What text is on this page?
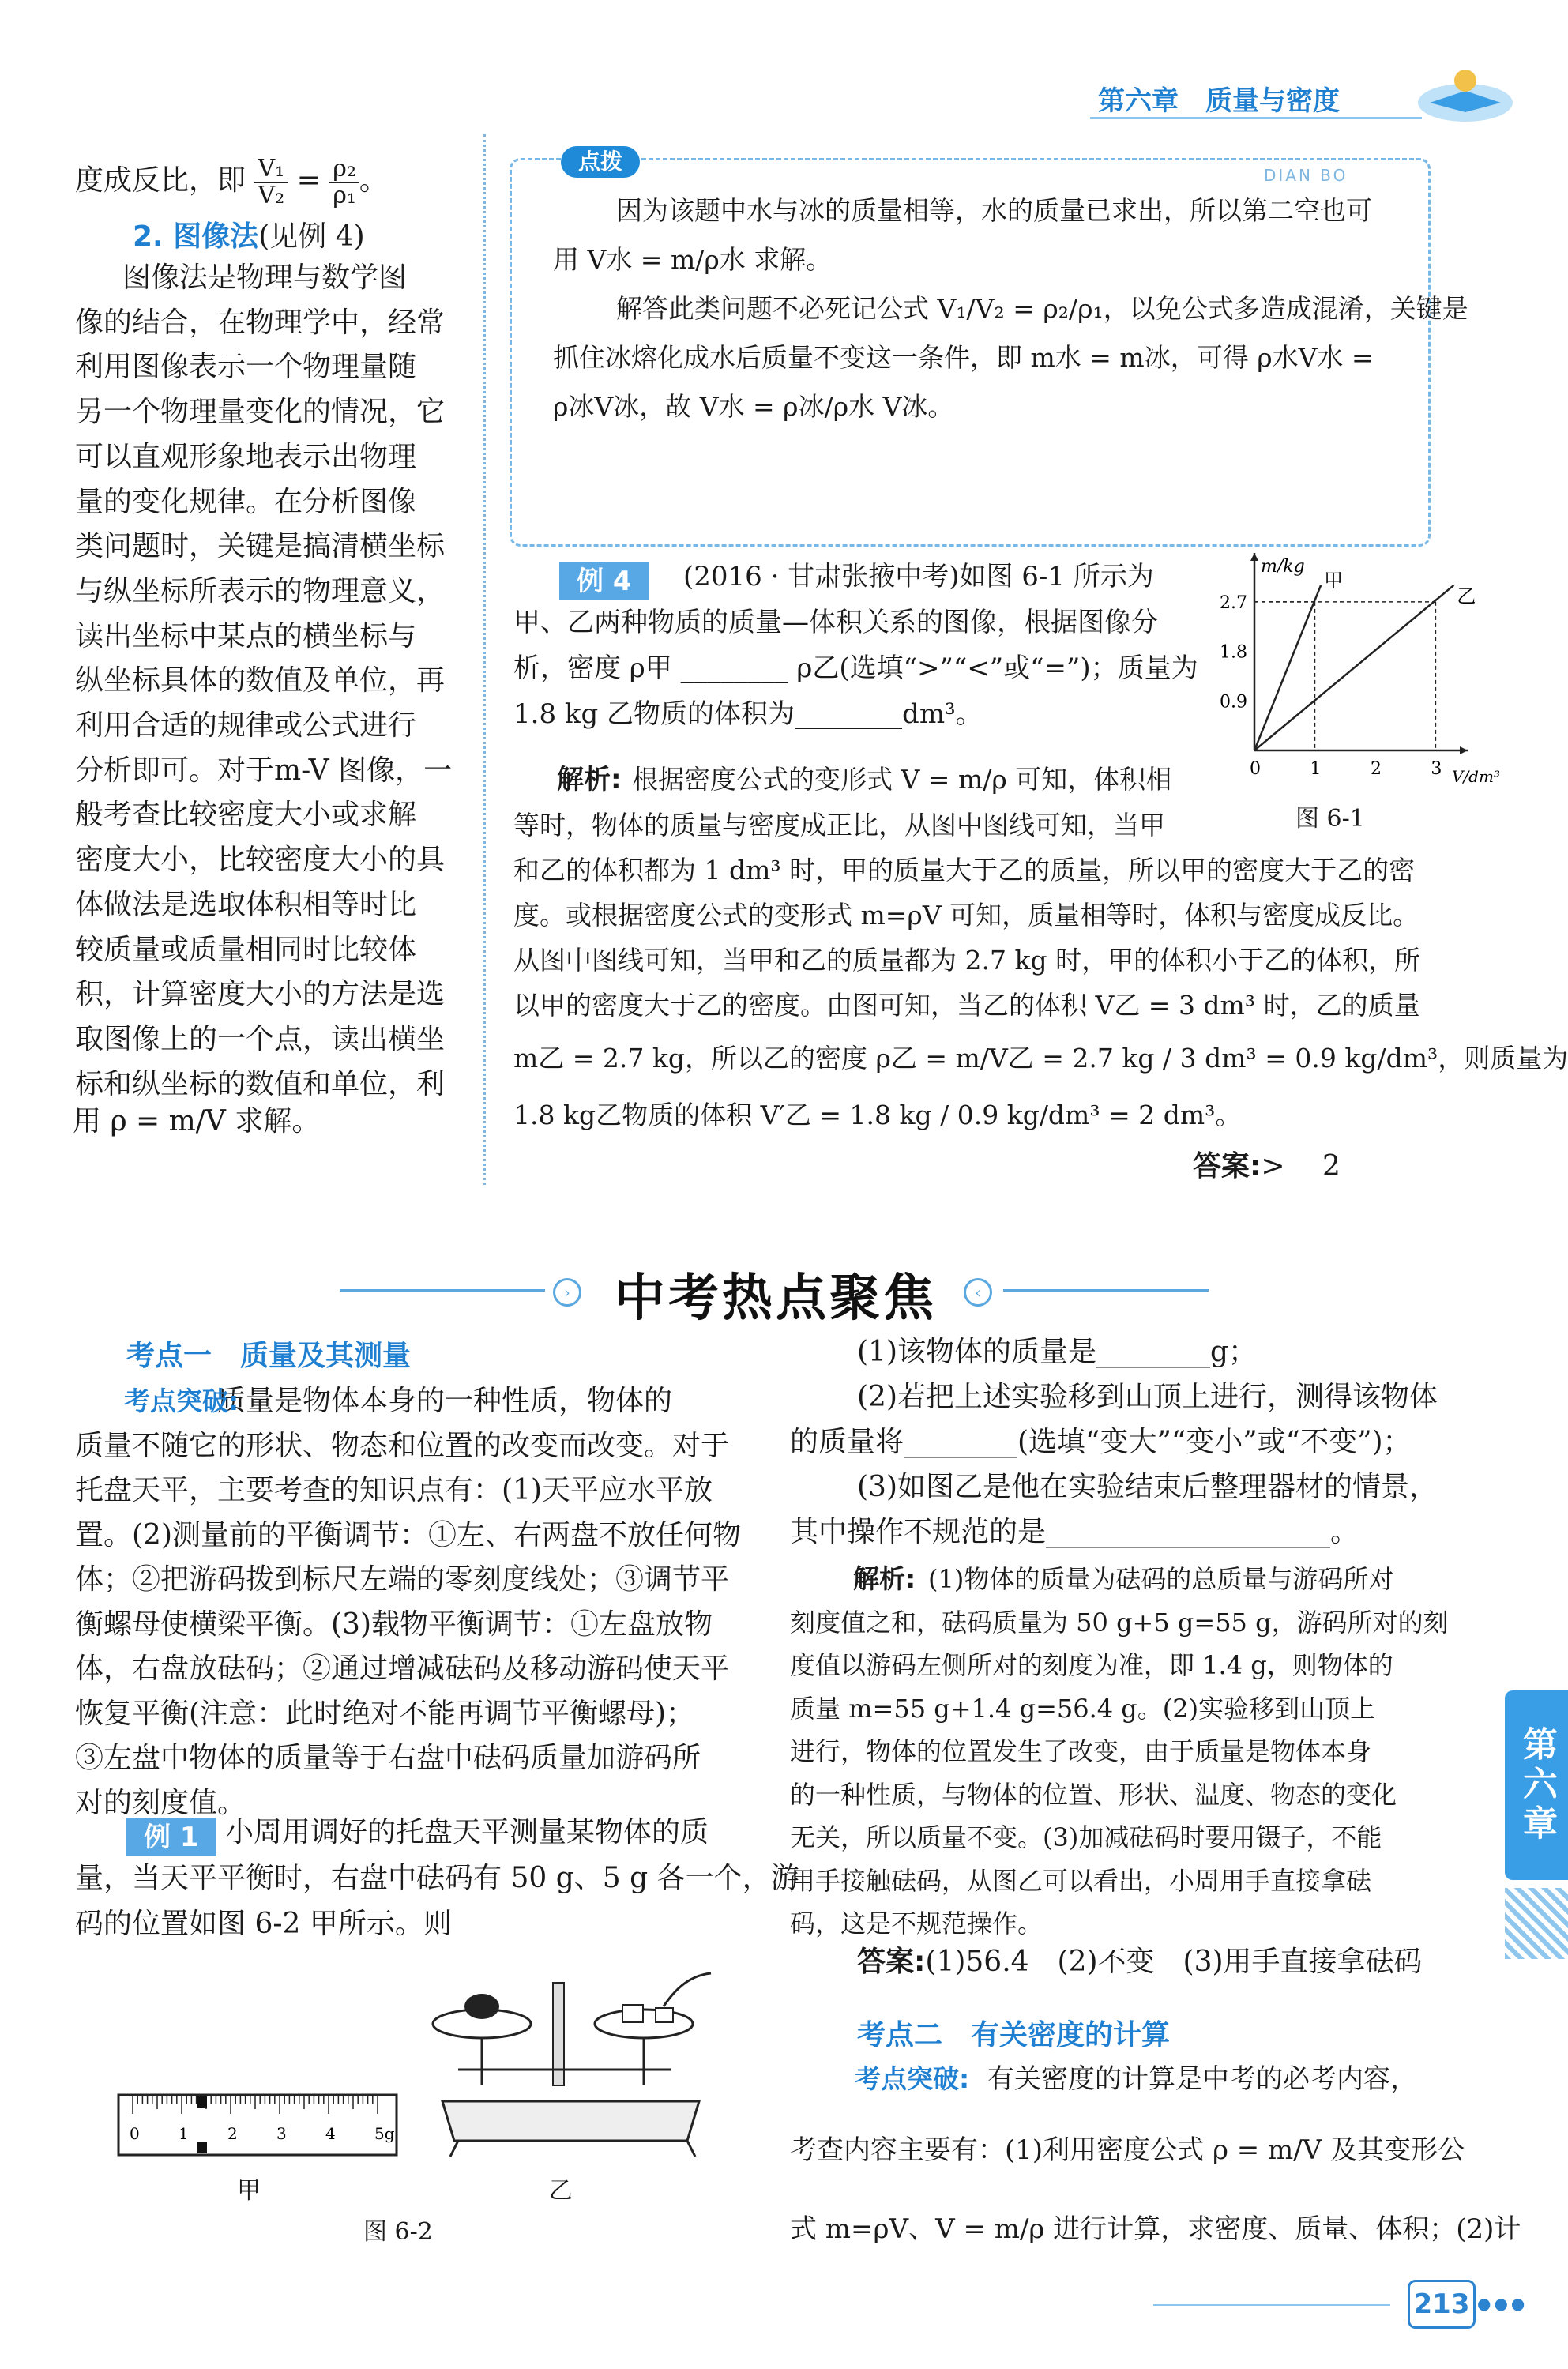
第六章　质量与密度
度成反比，即 $\frac{\text{V₁}}{\text{V₂}} = \frac{\text{ρ₂}}{\text{ρ₁}}$ 。
2. 图像法(见例 4)
图像法是物理与数学图
像的结合，在物理学中，经常
利用图像表示一个物理量随
另一个物理量变化的情况，它
可以直观形象地表示出物理
量的变化规律。在分析图像
类问题时，关键是搞清横坐标
与纵坐标所表示的物理意义，
读出坐标中某点的横坐标与
纵坐标具体的数值及单位，再
利用合适的规律或公式进行
分析即可。对于m-V 图像，一
般考查比较密度大小或求解
密度大小，比较密度大小的具
体做法是选取体积相等时比
较质量或质量相同时比较体
积，计算密度大小的方法是选
取图像上的一个点，读出横坐
标和纵坐标的数值和单位，利
用 ρ = m/V 求解。
点拨
DIAN BO
因为该题中水与冰的质量相等，水的质量已求出，所以第二空也可
用 V水 = m/ρ水 求解。
解答此类问题不必死记公式 V₁/V₂ = ρ₂/ρ₁，以免公式多造成混淆，关键是
抓住冰熔化成水后质量不变这一条件，即 m水 = m冰，可得 ρ水V水 =
ρ冰V冰，故 V水 = ρ冰/ρ水 V冰。
例 4	(2016 · 甘肃张掖中考)如图 6-1 所示为
甲、乙两种物质的质量—体积关系的图像，根据图像分
析，密度 ρ甲 ________ ρ乙(选填“>”“<”或“=”)；质量为
1.8 kg 乙物质的体积为________dm³。
m/kg
V/dm³
0	1	2	3
0.9
1.8
2.7
甲
乙
图 6-1
解析: 根据密度公式的变形式 V = m/ρ 可知，体积相
等时，物体的质量与密度成正比，从图中图线可知，当甲
和乙的体积都为 1 dm³ 时，甲的质量大于乙的质量，所以甲的密度大于乙的密
度。或根据密度公式的变形式 m=ρV 可知，质量相等时，体积与密度成反比。
从图中图线可知，当甲和乙的质量都为 2.7 kg 时，甲的体积小于乙的体积，所
以甲的密度大于乙的密度。由图可知，当乙的体积 V乙 = 3 dm³ 时，乙的质量
m乙 = 2.7 kg，所以乙的密度 ρ乙 = m/V乙 = 2.7 kg / 3 dm³ = 0.9 kg/dm³，则质量为
1.8 kg乙物质的体积 V′乙 = 1.8 kg / 0.9 kg/dm³ = 2 dm³。
答案:> 　2
› 中考热点聚焦	‹
考点一　质量及其测量
质量是物体本身的一种性质，物体的
质量不随它的形状、物态和位置的改变而改变。对于
托盘天平，主要考查的知识点有：(1)天平应水平放
置。(2)测量前的平衡调节：①左、右两盘不放任何物
体；②把游码拨到标尺左端的零刻度线处；③调节平
衡螺母使横梁平衡。(3)载物平衡调节：①左盘放物
体，右盘放砝码；②通过增减砝码及移动游码使天平
恢复平衡(注意：此时绝对不能再调节平衡螺母)；
③左盘中物体的质量等于右盘中砝码质量加游码所
对的刻度值。
考点突破:
例 1 小周用调好的托盘天平测量某物体的质
量，当天平平衡时，右盘中砝码有 50 g、5 g 各一个，游
码的位置如图 6-2 甲所示。则
0 1 2 3 4 5g
甲	乙
图 6-2
(1)该物体的质量是________g；
(2)若把上述实验移到山顶上进行，测得该物体
的质量将________(选填“变大”“变小”或“不变”)；
(3)如图乙是他在实验结束后整理器材的情景，
其中操作不规范的是____________________。
解析: (1)物体的质量为砝码的总质量与游码所对
刻度值之和，砝码质量为 50 g+5 g=55 g，游码所对的刻
度值以游码左侧所对的刻度为准，即 1.4 g，则物体的
质量 m=55 g+1.4 g=56.4 g。(2)实验移到山顶上
进行，物体的位置发生了改变，由于质量是物体本身
的一种性质，与物体的位置、形状、温度、物态的变化
无关，所以质量不变。(3)加减砝码时要用镊子，不能
用手接触砝码，从图乙可以看出，小周用手直接拿砝
码，这是不规范操作。
答案:(1)56.4　(2)不变　(3)用手直接拿砝码
考点二　有关密度的计算
考点突破: 有关密度的计算是中考的必考内容，
考查内容主要有：(1)利用密度公式 ρ = m/V 及其变形公
式 m=ρV、V = m/ρ 进行计算，求密度、质量、体积；(2)计
第六章
213 ●●●
